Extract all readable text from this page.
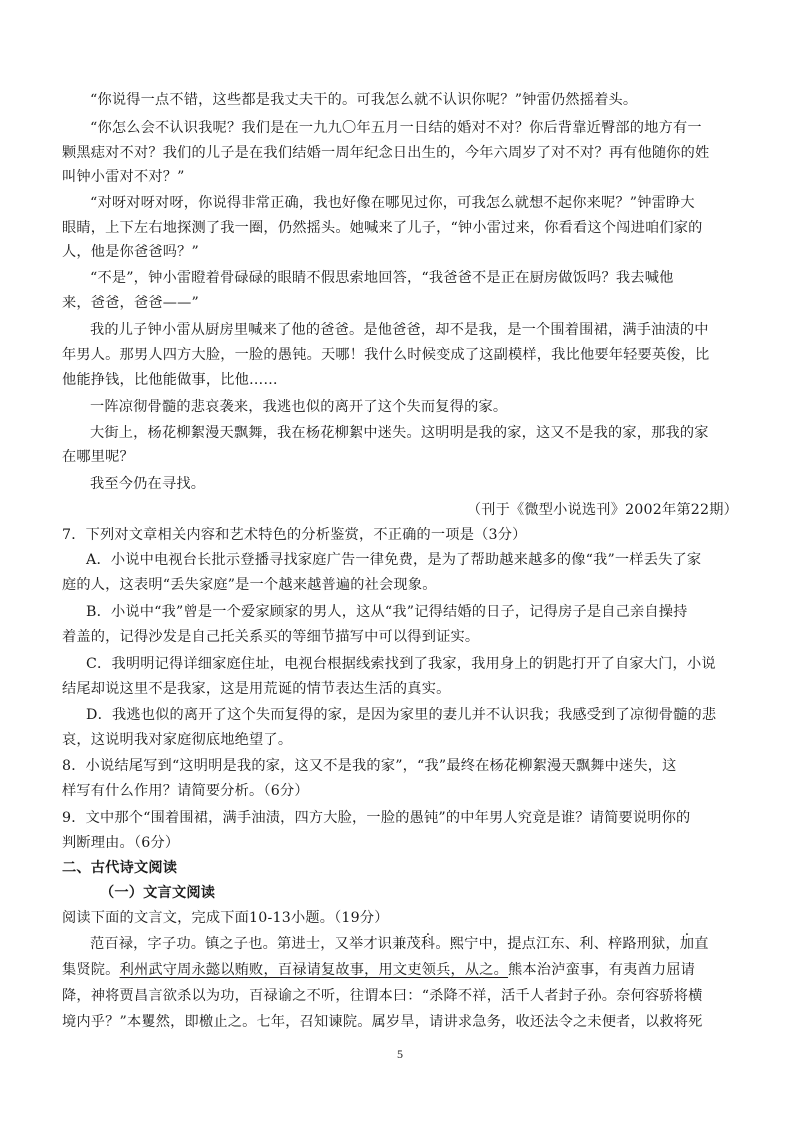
“你说得一点不错，这些都是我丈夫干的。可我怎么就不认识你呢？”钟雷仍然摇着头。
“你怎么会不认识我呢？我们是在一九九〇年五月一日结的婚对不对？你后背靠近臀部的地方有一
颗黑痣对不对？我们的儿子是在我们结婚一周年纪念日出生的，今年六周岁了对不对？再有他随你的姓
叫钟小雷对不对？”
“对呀对呀对呀，你说得非常正确，我也好像在哪见过你，可我怎么就想不起你来呢？”钟雷睁大
眼睛，上下左右地探测了我一圈，仍然摇头。她喊来了儿子，“钟小雷过来，你看看这个闯进咱们家的
人，他是你爸爸吗？”
“不是”，钟小雷瞪着骨碌碌的眼睛不假思索地回答，“我爸爸不是正在厨房做饭吗？我去喊他
来，爸爸，爸爸——”
我的儿子钟小雷从厨房里喊来了他的爸爸。是他爸爸，却不是我，是一个围着围裙，满手油渍的中
年男人。那男人四方大脸，一脸的愚钝。天哪！我什么时候变成了这副模样，我比他要年轻要英俊，比
他能挣钱，比他能做事，比他……
一阵凉彻骨髓的悲哀袭来，我逃也似的离开了这个失而复得的家。
大街上，杨花柳絮漫天飘舞，我在杨花柳絮中迷失。这明明是我的家，这又不是我的家，那我的家
在哪里呢？
我至今仍在寻找。
（刊于《微型小说选刊》2002年第22期）
7．下列对文章相关内容和艺术特色的分析鉴赏，不正确的一项是（3分）
A．小说中电视台长批示登播寻找家庭广告一律免费，是为了帮助越来越多的像“我”一样丢失了家
庭的人，这表明“丢失家庭”是一个越来越普遍的社会现象。
B．小说中“我”曾是一个爱家顾家的男人，这从“我”记得结婚的日子，记得房子是自己亲自操持
着盖的，记得沙发是自己托关系买的等细节描写中可以得到证实。
C．我明明记得详细家庭住址，电视台根据线索找到了我家，我用身上的钥匙打开了自家大门，小说
结尾却说这里不是我家，这是用荒诞的情节表达生活的真实。
D．我逃也似的离开了这个失而复得的家，是因为家里的妻儿并不认识我；我感受到了凉彻骨髓的悲
哀，这说明我对家庭彻底地绝望了。
8．小说结尾写到“这明明是我的家，这又不是我的家”，“我”最终在杨花柳絮漫天飘舞中迷失，这
样写有什么作用？请简要分析。（6分）
9．文中那个“围着围裙，满手油渍，四方大脸，一脸的愚钝”的中年男人究竟是谁？请简要说明你的
判断理由。（6分）
二、古代诗文阅读
（一）文言文阅读
阅读下面的文言文，完成下面10-13小题。（19分）
范百禄，字子功。镇之子也。第进士，又举才识兼茂科。熙宁中，提点江东、利、梓路刑狱，加直
集贤院。利州武守周永懿以贿败，百禄请复故事，用文吏领兵，从之。熊本治泸蛮事，有夷酋力屈请
降，神将贾昌言欲杀以为功，百禄谕之不听，往谓本曰：“杀降不祥，活千人者封子孙。奈何容骄将横
境内乎？”本矍然，即檄止之。七年，召知谏院。属岁旱，请讲求急务，收还法令之未便者，以救将死
5
